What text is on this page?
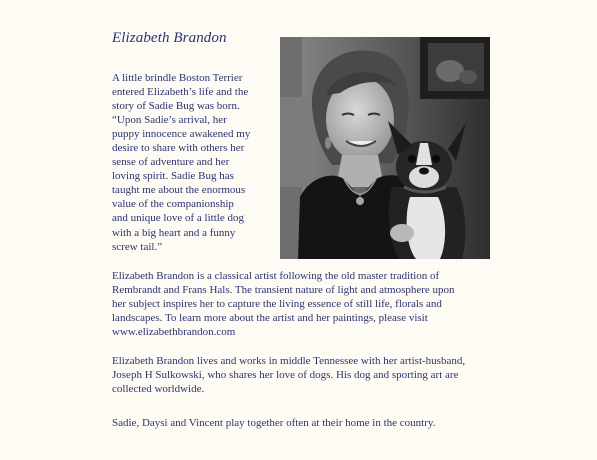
Elizabeth Brandon
A little brindle Boston Terrier
entered Elizabeth’s life and the
story of Sadie Bug was born.
“Upon Sadie’s arrival, her
puppy innocence awakened my
desire to share with others her
sense of adventure and her
loving spirit. Sadie Bug has
taught me about the enormous
value of the companionship
and unique love of a little dog
with a big heart and a funny
screw tail.”
Elizabeth Brandon is a classical artist following the old master tradition of
Rembrandt and Frans Hals. The transient nature of light and atmosphere upon
her subject inspires her to capture the living essence of still life, florals and
landscapes. To learn more about the artist and her paintings, please visit
www.elizabethbrandon.com
Elizabeth Brandon lives and works in middle Tennessee with her artist-husband,
Joseph H Sulkowski, who shares her love of dogs. His dog and sporting art are
collected worldwide.
Sadie, Daysi and Vincent play together often at their home in the country.
